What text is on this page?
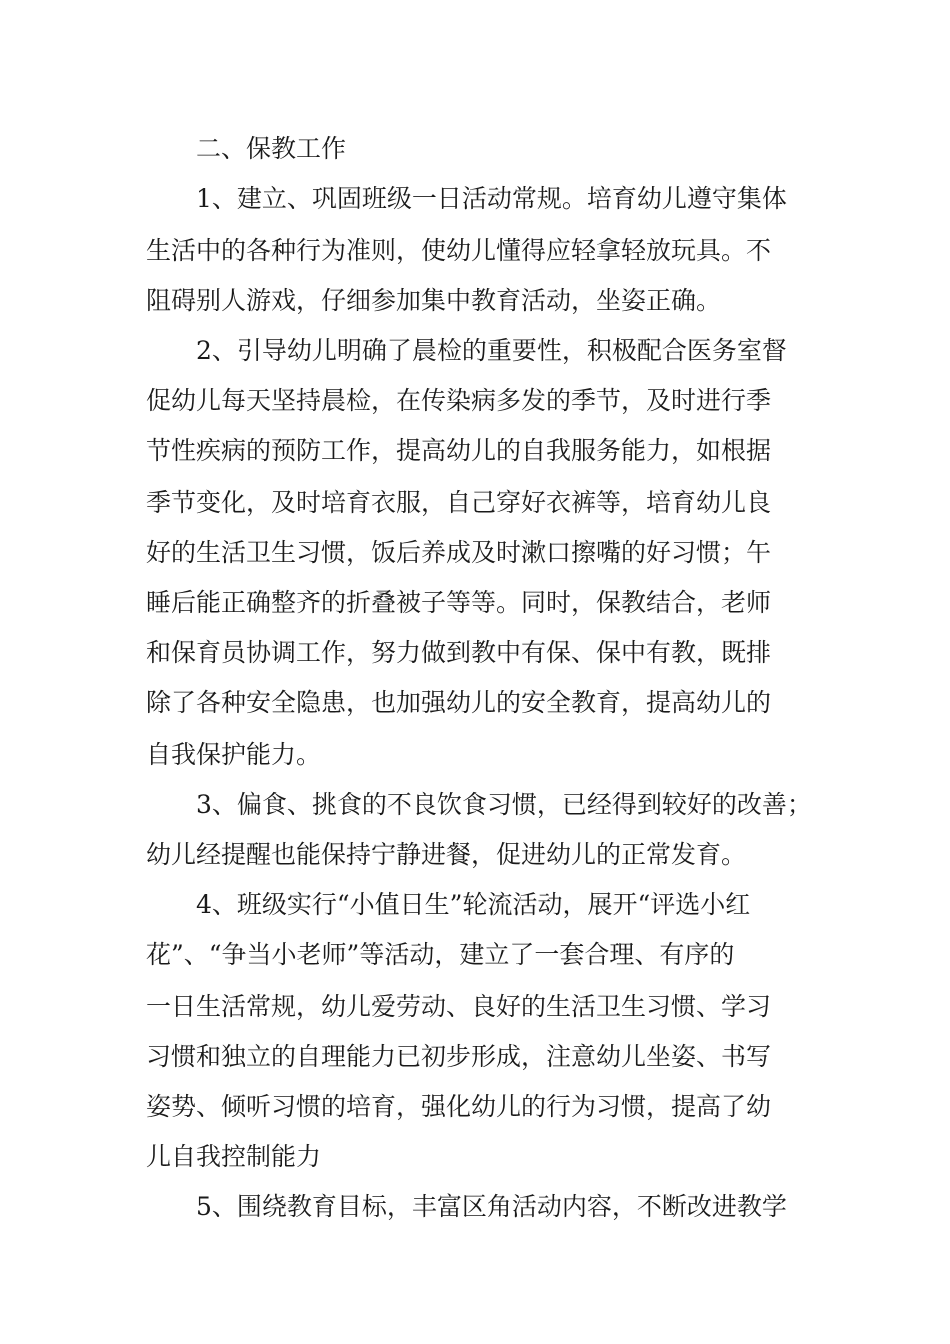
二、保教工作

1、建立、巩固班级一日活动常规。培育幼儿遵守集体

生活中的各种行为准则，使幼儿懂得应轻拿轻放玩具。不

阻碍别人游戏，仔细参加集中教育活动，坐姿正确。

2、引导幼儿明确了晨检的重要性，积极配合医务室督

促幼儿每天坚持晨检，在传染病多发的季节，及时进行季

节性疾病的预防工作，提高幼儿的自我服务能力，如根据

季节变化，及时培育衣服，自己穿好衣裤等，培育幼儿良

好的生活卫生习惯，饭后养成及时漱口擦嘴的好习惯；午

睡后能正确整齐的折叠被子等等。同时，保教结合，老师

和保育员协调工作，努力做到教中有保、保中有教，既排

除了各种安全隐患，也加强幼儿的安全教育，提高幼儿的

自我保护能力。

3、偏食、挑食的不良饮食习惯，已经得到较好的改善；

幼儿经提醒也能保持宁静进餐，促进幼儿的正常发育。

4、班级实行“小值日生”轮流活动，展开“评选小红

花”、“争当小老师”等活动，建立了一套合理、有序的

一日生活常规，幼儿爱劳动、良好的生活卫生习惯、学习

习惯和独立的自理能力已初步形成，注意幼儿坐姿、书写

姿势、倾听习惯的培育，强化幼儿的行为习惯，提高了幼

儿自我控制能力

5、围绕教育目标，丰富区角活动内容，不断改进教学
